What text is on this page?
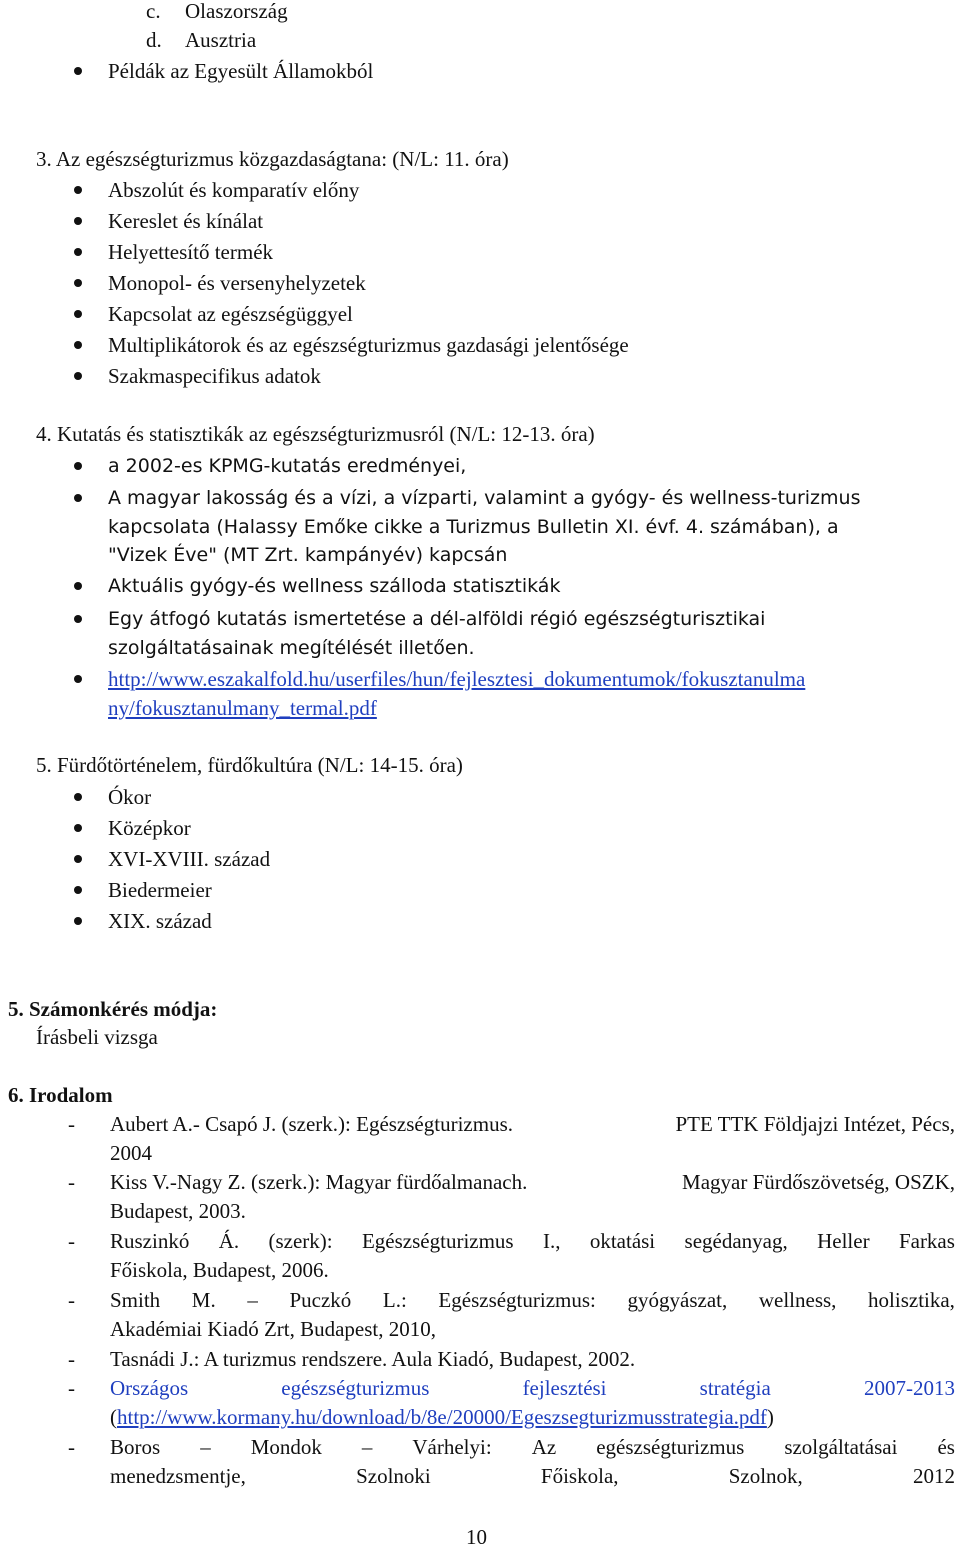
c. Olaszország
d. Ausztria
Példák az Egyesült Államokból
3. Az egészségturizmus közgazdaságtana: (N/L: 11. óra)
Abszolút és komparatív előny
Kereslet és kínálat
Helyettesítő termék
Monopol- és versenyhelyzetek
Kapcsolat az egészségüggyel
Multiplikátorok és az egészségturizmus gazdasági jelentősége
Szakmaspecifikus adatok
4. Kutatás és statisztikák az egészségturizmusról (N/L: 12-13. óra)
a 2002-es KPMG-kutatás eredményei,
A magyar lakosság és a vízi, a vízparti, valamint a gyógy- és wellness-turizmus
kapcsolata (Halassy Emőke cikke a Turizmus Bulletin XI. évf. 4. számában), a
"Vizek Éve" (MT Zrt. kampányév) kapcsán
Aktuális gyógy-és wellness szálloda statisztikák
Egy átfogó kutatás ismertetése a dél-alföldi régió egészségturisztikai
szolgáltatásainak megítélését illetően.
http://www.eszakalfold.hu/userfiles/hun/fejlesztesi_dokumentumok/fokusztanulma
ny/fokusztanulmany_termal.pdf
5. Fürdőtörténelem, fürdőkultúra (N/L: 14-15. óra)
Ókor
Középkor
XVI-XVIII. század
Biedermeier
XIX. század
5. Számonkérés módja:
Írásbeli vizsga
6. Irodalom
- Aubert A.- Csapó J. (szerk.): Egészségturizmus.	PTE TTK Földjajzi Intézet, Pécs,
2004
- Kiss V.-Nagy Z. (szerk.): Magyar fürdőalmanach.	Magyar Fürdőszövetség, OSZK,
Budapest, 2003.
- Ruszinkó Á. (szerk): Egészségturizmus I., oktatási segédanyag, Heller Farkas
Főiskola, Budapest, 2006.
- Smith M. – Puczkó L.: Egészségturizmus: gyógyászat, wellness, holisztika,
Akadémiai Kiadó Zrt, Budapest, 2010,
- Tasnádi J.: A turizmus rendszere. Aula Kiadó, Budapest, 2002.
- Országos	egészségturizmus	fejlesztési	stratégia	2007-2013
(http://www.kormany.hu/download/b/8e/20000/Egeszsegturizmusstrategia.pdf)
- Boros – Mondok – Várhelyi: Az egészségturizmus szolgáltatásai és
menedzsmentje,	Szolnoki	Főiskola,	Szolnok,	2012
10
